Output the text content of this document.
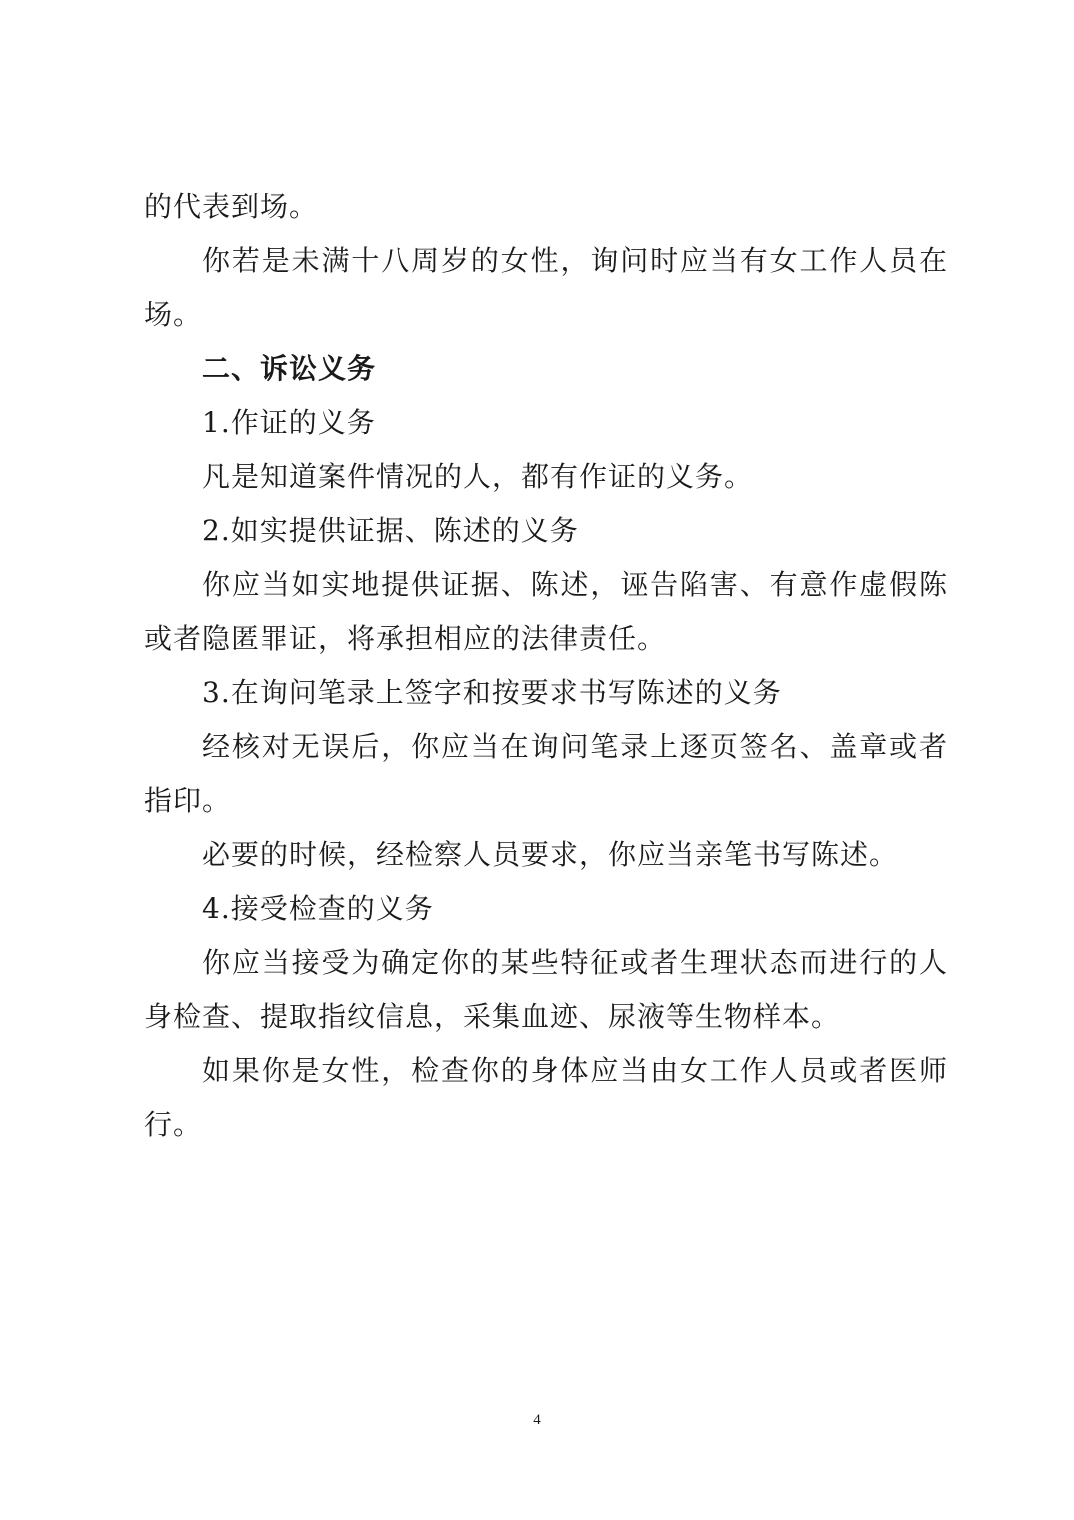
的代表到场。
你若是未满十八周岁的女性，询问时应当有女工作人员在
场。
二、诉讼义务
1.作证的义务
凡是知道案件情况的人，都有作证的义务。
2.如实提供证据、陈述的义务
你应当如实地提供证据、陈述，诬告陷害、有意作虚假陈
或者隐匿罪证，将承担相应的法律责任。
3.在询问笔录上签字和按要求书写陈述的义务
经核对无误后，你应当在询问笔录上逐页签名、盖章或者
指印。
必要的时候，经检察人员要求，你应当亲笔书写陈述。
4.接受检查的义务
你应当接受为确定你的某些特征或者生理状态而进行的人
身检查、提取指纹信息，采集血迹、尿液等生物样本。
如果你是女性，检查你的身体应当由女工作人员或者医师
行。
4
